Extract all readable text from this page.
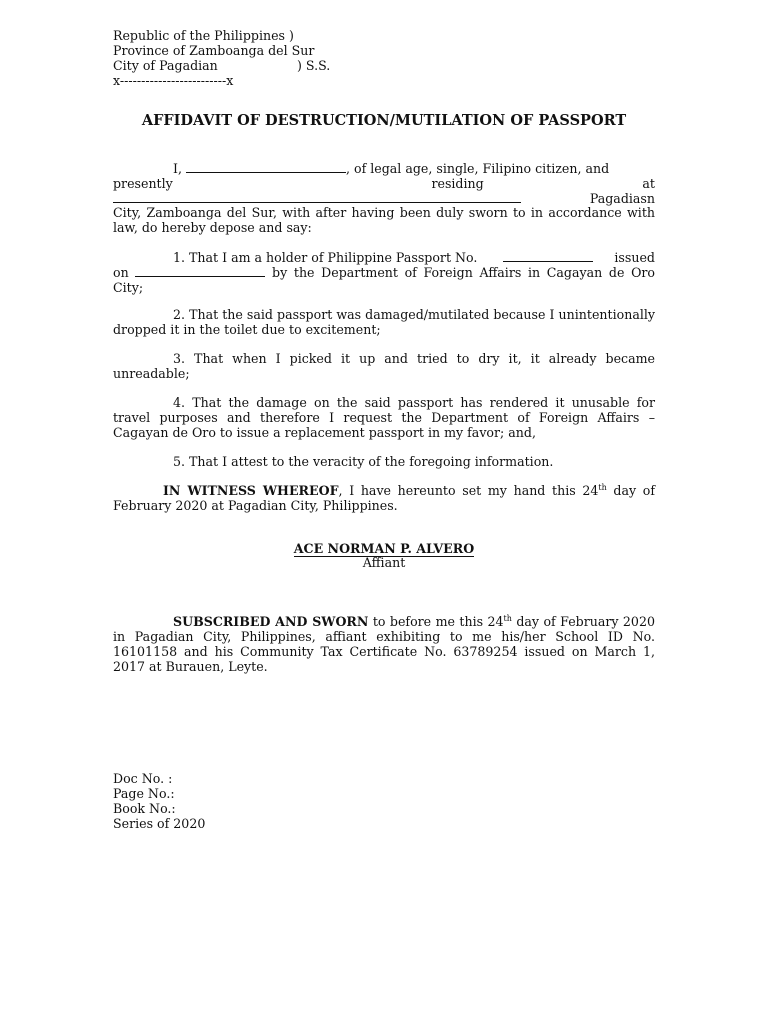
Republic of the Philippines )
Province of Zamboanga del Sur
City of Pagadian	) S.S.
x-------------------------x
AFFIDAVIT OF DESTRUCTION/MUTILATION OF PASSPORT
I,	, of legal age, single, Filipino citizen, and
presently	residing	at
Pagadiasn
City, Zamboanga del Sur, with after having been duly sworn to in accordance with law, do hereby depose and say:
1. That I am a holder of Philippine Passport No.	issued
on	by the Department of Foreign Affairs in Cagayan de Oro City;
2. That the said passport was damaged/mutilated because I unintentionally dropped it in the toilet due to excitement;
3. That when I picked it up and tried to dry it, it already became unreadable;
4. That the damage on the said passport has rendered it unusable for travel purposes and therefore I request the Department of Foreign Affairs – Cagayan de Oro to issue a replacement passport in my favor; and,
5. That I attest to the veracity of the foregoing information.
IN WITNESS WHEREOF, I have hereunto set my hand this 24th day of February 2020 at Pagadian City, Philippines.
ACE NORMAN P. ALVERO
Affiant
SUBSCRIBED AND SWORN to before me this 24th day of February 2020 in Pagadian City, Philippines, affiant exhibiting to me his/her School ID No. 16101158 and his Community Tax Certificate No. 63789254 issued on March 1, 2017 at Burauen, Leyte.
Doc No. :
Page No.:
Book No.:
Series of 2020
